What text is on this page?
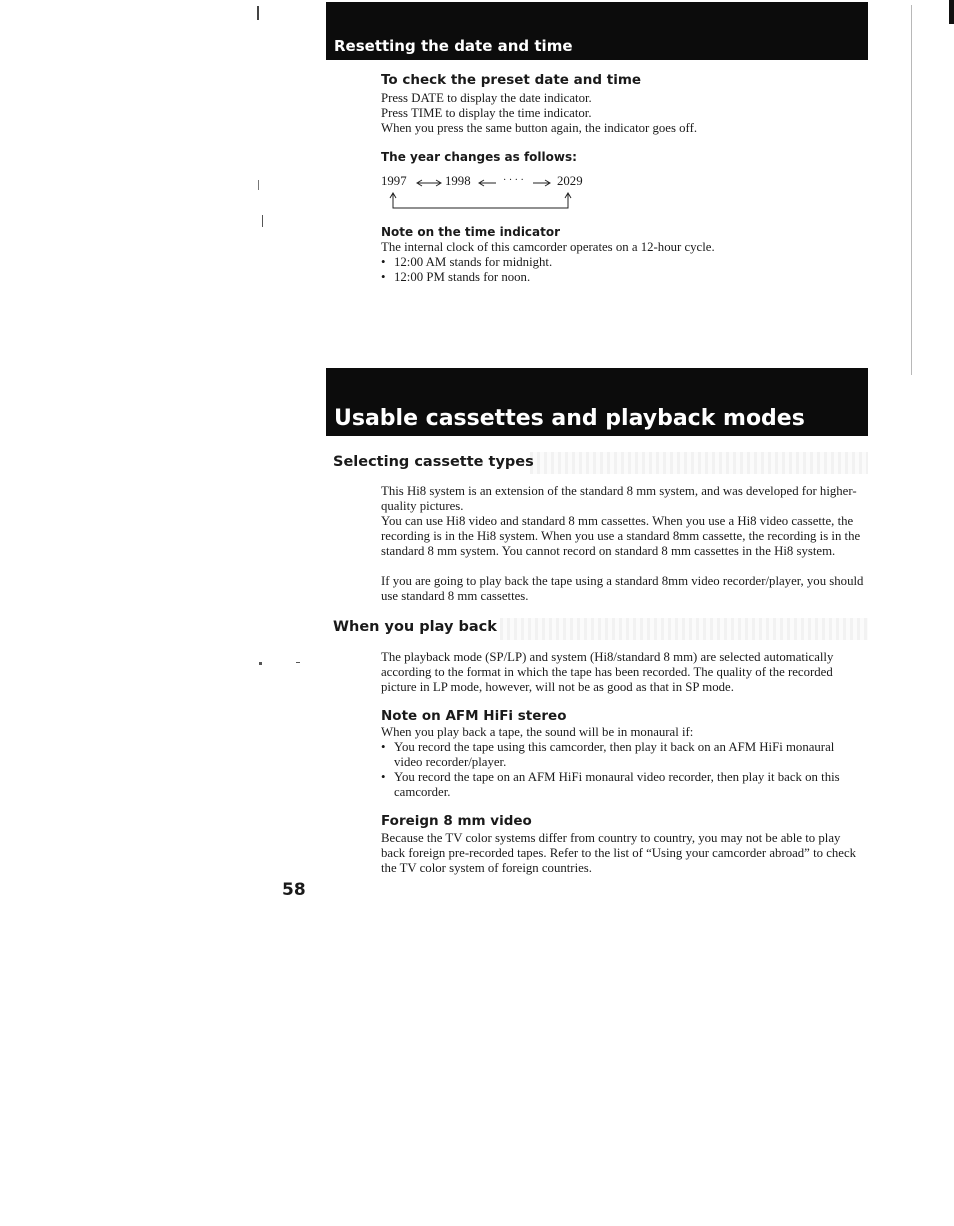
Resetting the date and time
To check the preset date and time
Press DATE to display the date indicator.
Press TIME to display the time indicator.
When you press the same button again, the indicator goes off.
The year changes as follows:
1997	1998	· · · ·	2029
Note on the time indicator
The internal clock of this camcorder operates on a 12-hour cycle.
• 12:00 AM stands for midnight.
• 12:00 PM stands for noon.
Usable cassettes and playback modes
Selecting cassette types

This Hi8 system is an extension of the standard 8 mm system, and was developed for higher-quality pictures.

You can use Hi8 video and standard 8 mm cassettes. When you use a Hi8 video cassette, the recording is in the Hi8 system. When you use a standard 8mm cassette, the recording is in the standard 8 mm system. You cannot record on standard 8 mm cassettes in the Hi8 system.

If you are going to play back the tape using a standard 8mm video recorder/player, you should use standard 8 mm cassettes.

When you play back

The playback mode (SP/LP) and system (Hi8/standard 8 mm) are selected automatically according to the format in which the tape has been recorded. The quality of the recorded picture in LP mode, however, will not be as good as that in SP mode.

Note on AFM HiFi stereo
When you play back a tape, the sound will be in monaural if:
• You record the tape using this camcorder, then play it back on an AFM HiFi monaural video recorder/player.
• You record the tape on an AFM HiFi monaural video recorder, then play it back on this camcorder.
Foreign 8 mm video

Because the TV color systems differ from country to country, you may not be able to play back foreign pre-recorded tapes. Refer to the list of “Using your camcorder abroad” to check the TV color system of foreign countries.

58
